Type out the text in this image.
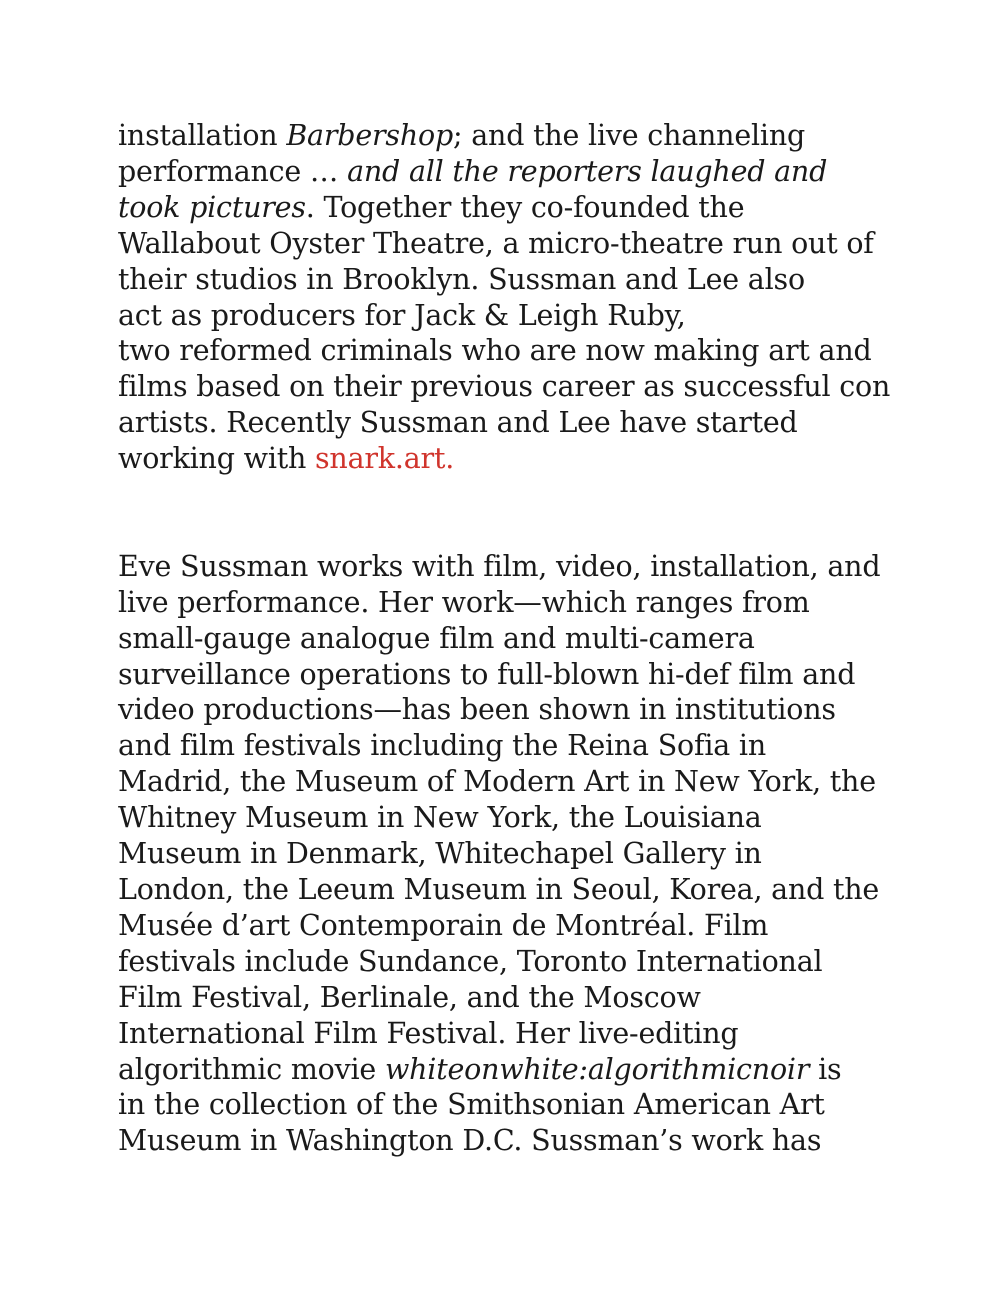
installation Barbershop; and the live channeling
performance … and all the reporters laughed and
took pictures. Together they co-founded the
Wallabout Oyster Theatre, a micro-theatre run out of
their studios in Brooklyn. Sussman and Lee also
act as producers for Jack & Leigh Ruby,
two reformed criminals who are now making art and
films based on their previous career as successful con
artists. Recently Sussman and Lee have started
working with snark.art.
Eve Sussman works with film, video, installation, and
live performance. Her work—which ranges from
small-gauge analogue film and multi-camera
surveillance operations to full-blown hi-def film and
video productions—has been shown in institutions
and film festivals including the Reina Sofia in
Madrid, the Museum of Modern Art in New York, the
Whitney Museum in New York, the Louisiana
Museum in Denmark, Whitechapel Gallery in
London, the Leeum Museum in Seoul, Korea, and the
Musée d’art Contemporain de Montréal. Film
festivals include Sundance, Toronto International
Film Festival, Berlinale, and the Moscow
International Film Festival. Her live-editing
algorithmic movie whiteonwhite:algorithmicnoir is
in the collection of the Smithsonian American Art
Museum in Washington D.C. Sussman’s work has
